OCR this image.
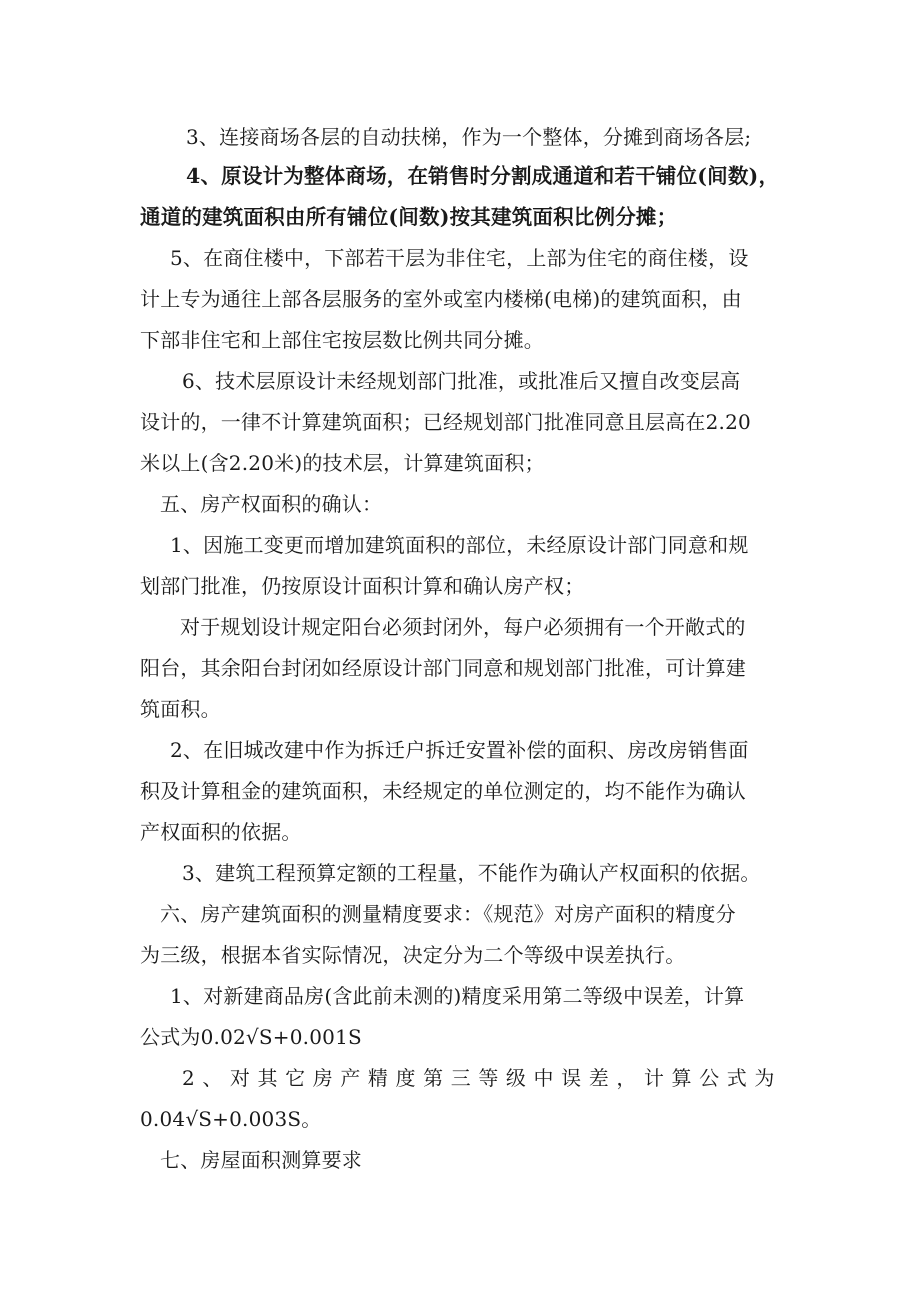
3、连接商场各层的自动扶梯，作为一个整体，分摊到商场各层;
4、原设计为整体商场，在销售时分割成通道和若干铺位(间数)，
通道的建筑面积由所有铺位(间数)按其建筑面积比例分摊；
5、在商住楼中，下部若干层为非住宅，上部为住宅的商住楼，设
计上专为通往上部各层服务的室外或室内楼梯(电梯)的建筑面积，由
下部非住宅和上部住宅按层数比例共同分摊。
6、技术层原设计未经规划部门批准，或批准后又擅自改变层高
设计的，一律不计算建筑面积；已经规划部门批准同意且层高在2.20
米以上(含2.20米)的技术层，计算建筑面积；
五、房产权面积的确认：
1、因施工变更而增加建筑面积的部位，未经原设计部门同意和规
划部门批准，仍按原设计面积计算和确认房产权；
对于规划设计规定阳台必须封闭外，每户必须拥有一个开敞式的
阳台，其余阳台封闭如经原设计部门同意和规划部门批准，可计算建
筑面积。
2、在旧城改建中作为拆迁户拆迁安置补偿的面积、房改房销售面
积及计算租金的建筑面积，未经规定的单位测定的，均不能作为确认
产权面积的依据。
3、建筑工程预算定额的工程量，不能作为确认产权面积的依据。
六、房产建筑面积的测量精度要求：《规范》对房产面积的精度分
为三级，根据本省实际情况，决定分为二个等级中误差执行。
1、对新建商品房(含此前未测的)精度采用第二等级中误差，计算
公式为0.02√S+0.001S
2、对其它房产精度第三等级中误差，计算公式为
0.04√S+0.003S。
七、房屋面积测算要求
